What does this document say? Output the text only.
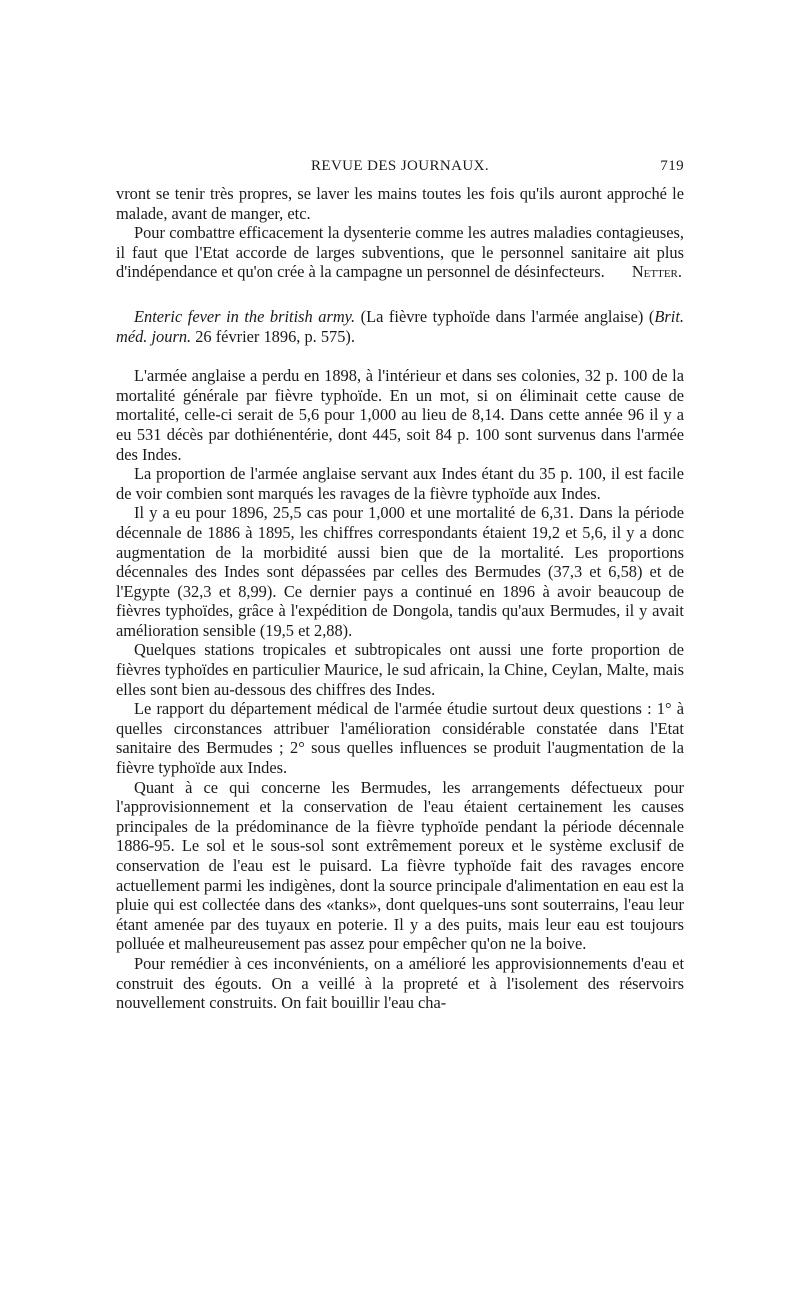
REVUE DES JOURNAUX.	719

vront se tenir très propres, se laver les mains toutes les fois qu'ils auront approché le malade, avant de manger, etc.

Pour combattre efficacement la dysenterie comme les autres maladies contagieuses, il faut que l'Etat accorde de larges subventions, que le personnel sanitaire ait plus d'indépendance et qu'on crée à la campagne un personnel de désinfecteurs.	Netter.

Enteric fever in the british army. (La fièvre typhoïde dans l'armée anglaise) (Brit. méd. journ. 26 février 1896, p. 575).

L'armée anglaise a perdu en 1898, à l'intérieur et dans ses colonies, 32 p. 100 de la mortalité générale par fièvre typhoïde. En un mot, si on éliminait cette cause de mortalité, celle-ci serait de 5,6 pour 1,000 au lieu de 8,14. Dans cette année 96 il y a eu 531 décès par dothiénentérie, dont 445, soit 84 p. 100 sont survenus dans l'armée des Indes.

La proportion de l'armée anglaise servant aux Indes étant du 35 p. 100, il est facile de voir combien sont marqués les ravages de la fièvre typhoïde aux Indes.

Il y a eu pour 1896, 25,5 cas pour 1,000 et une mortalité de 6,31. Dans la période décennale de 1886 à 1895, les chiffres correspondants étaient 19,2 et 5,6, il y a donc augmentation de la morbidité aussi bien que de la mortalité. Les proportions décennales des Indes sont dépassées par celles des Bermudes (37,3 et 6,58) et de l'Egypte (32,3 et 8,99). Ce dernier pays a continué en 1896 à avoir beaucoup de fièvres typhoïdes, grâce à l'expédition de Dongola, tandis qu'aux Bermudes, il y avait amélioration sensible (19,5 et 2,88).

Quelques stations tropicales et subtropicales ont aussi une forte proportion de fièvres typhoïdes en particulier Maurice, le sud africain, la Chine, Ceylan, Malte, mais elles sont bien au-dessous des chiffres des Indes.

Le rapport du département médical de l'armée étudie surtout deux questions : 1° à quelles circonstances attribuer l'amélioration considérable constatée dans l'Etat sanitaire des Bermudes ; 2° sous quelles influences se produit l'augmentation de la fièvre typhoïde aux Indes.

Quant à ce qui concerne les Bermudes, les arrangements défectueux pour l'approvisionnement et la conservation de l'eau étaient certainement les causes principales de la prédominance de la fièvre typhoïde pendant la période décennale 1886-95. Le sol et le sous-sol sont extrêmement poreux et le système exclusif de conservation de l'eau est le puisard. La fièvre typhoïde fait des ravages encore actuellement parmi les indigènes, dont la source principale d'alimentation en eau est la pluie qui est collectée dans des «tanks», dont quelques-uns sont souterrains, l'eau leur étant amenée par des tuyaux en poterie. Il y a des puits, mais leur eau est toujours polluée et malheureusement pas assez pour empêcher qu'on ne la boive.

Pour remédier à ces inconvénients, on a amélioré les approvisionnements d'eau et construit des égouts. On a veillé à la propreté et à l'isolement des réservoirs nouvellement construits. On fait bouillir l'eau cha-
